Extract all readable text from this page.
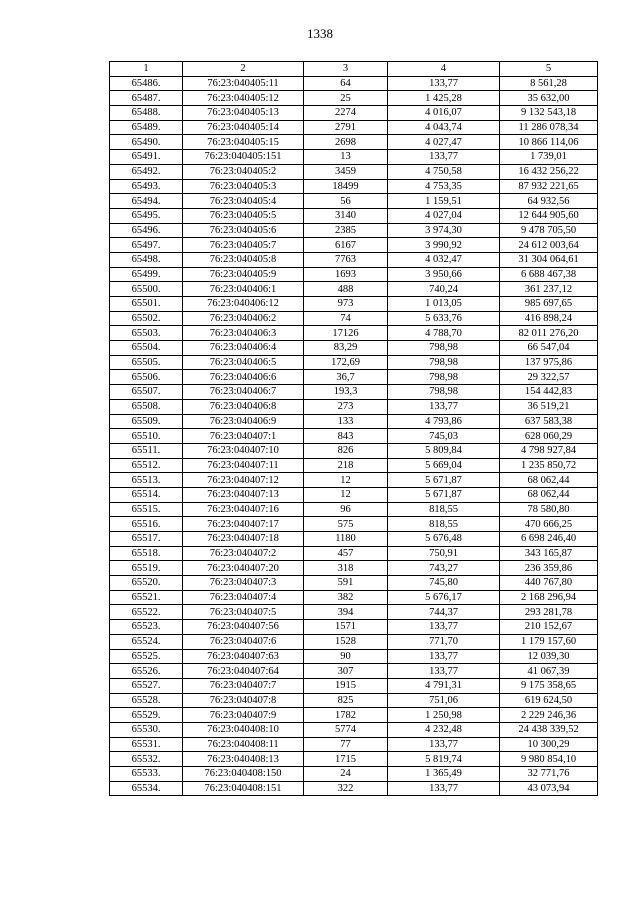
1338
1	2	3	4	5
65486.	76:23:040405:11	64	133,77	8 561,28
65487.	76:23:040405:12	25	1 425,28	35 632,00
65488.	76:23:040405:13	2274	4 016,07	9 132 543,18
65489.	76:23:040405:14	2791	4 043,74	11 286 078,34
65490.	76:23:040405:15	2698	4 027,47	10 866 114,06
65491.	76:23:040405:151	13	133,77	1 739,01
65492.	76:23:040405:2	3459	4 750,58	16 432 256,22
65493.	76:23:040405:3	18499	4 753,35	87 932 221,65
65494.	76:23:040405:4	56	1 159,51	64 932,56
65495.	76:23:040405:5	3140	4 027,04	12 644 905,60
65496.	76:23:040405:6	2385	3 974,30	9 478 705,50
65497.	76:23:040405:7	6167	3 990,92	24 612 003,64
65498.	76:23:040405:8	7763	4 032,47	31 304 064,61
65499.	76:23:040405:9	1693	3 950,66	6 688 467,38
65500.	76:23:040406:1	488	740,24	361 237,12
65501.	76:23:040406:12	973	1 013,05	985 697,65
65502.	76:23:040406:2	74	5 633,76	416 898,24
65503.	76:23:040406:3	17126	4 788,70	82 011 276,20
65504.	76:23:040406:4	83,29	798,98	66 547,04
65505.	76:23:040406:5	172,69	798,98	137 975,86
65506.	76:23:040406:6	36,7	798,98	29 322,57
65507.	76:23:040406:7	193,3	798,98	154 442,83
65508.	76:23:040406:8	273	133,77	36 519,21
65509.	76:23:040406:9	133	4 793,86	637 583,38
65510.	76:23:040407:1	843	745,03	628 060,29
65511.	76:23:040407:10	826	5 809,84	4 798 927,84
65512.	76:23:040407:11	218	5 669,04	1 235 850,72
65513.	76:23:040407:12	12	5 671,87	68 062,44
65514.	76:23:040407:13	12	5 671,87	68 062,44
65515.	76:23:040407:16	96	818,55	78 580,80
65516.	76:23:040407:17	575	818,55	470 666,25
65517.	76:23:040407:18	1180	5 676,48	6 698 246,40
65518.	76:23:040407:2	457	750,91	343 165,87
65519.	76:23:040407:20	318	743,27	236 359,86
65520.	76:23:040407:3	591	745,80	440 767,80
65521.	76:23:040407:4	382	5 676,17	2 168 296,94
65522.	76:23:040407:5	394	744,37	293 281,78
65523.	76:23:040407:56	1571	133,77	210 152,67
65524.	76:23:040407:6	1528	771,70	1 179 157,60
65525.	76:23:040407:63	90	133,77	12 039,30
65526.	76:23:040407:64	307	133,77	41 067,39
65527.	76:23:040407:7	1915	4 791,31	9 175 358,65
65528.	76:23:040407:8	825	751,06	619 624,50
65529.	76:23:040407:9	1782	1 250,98	2 229 246,36
65530.	76:23:040408:10	5774	4 232,48	24 438 339,52
65531.	76:23:040408:11	77	133,77	10 300,29
65532.	76:23:040408:13	1715	5 819,74	9 980 854,10
65533.	76:23:040408:150	24	1 365,49	32 771,76
65534.	76:23:040408:151	322	133,77	43 073,94
